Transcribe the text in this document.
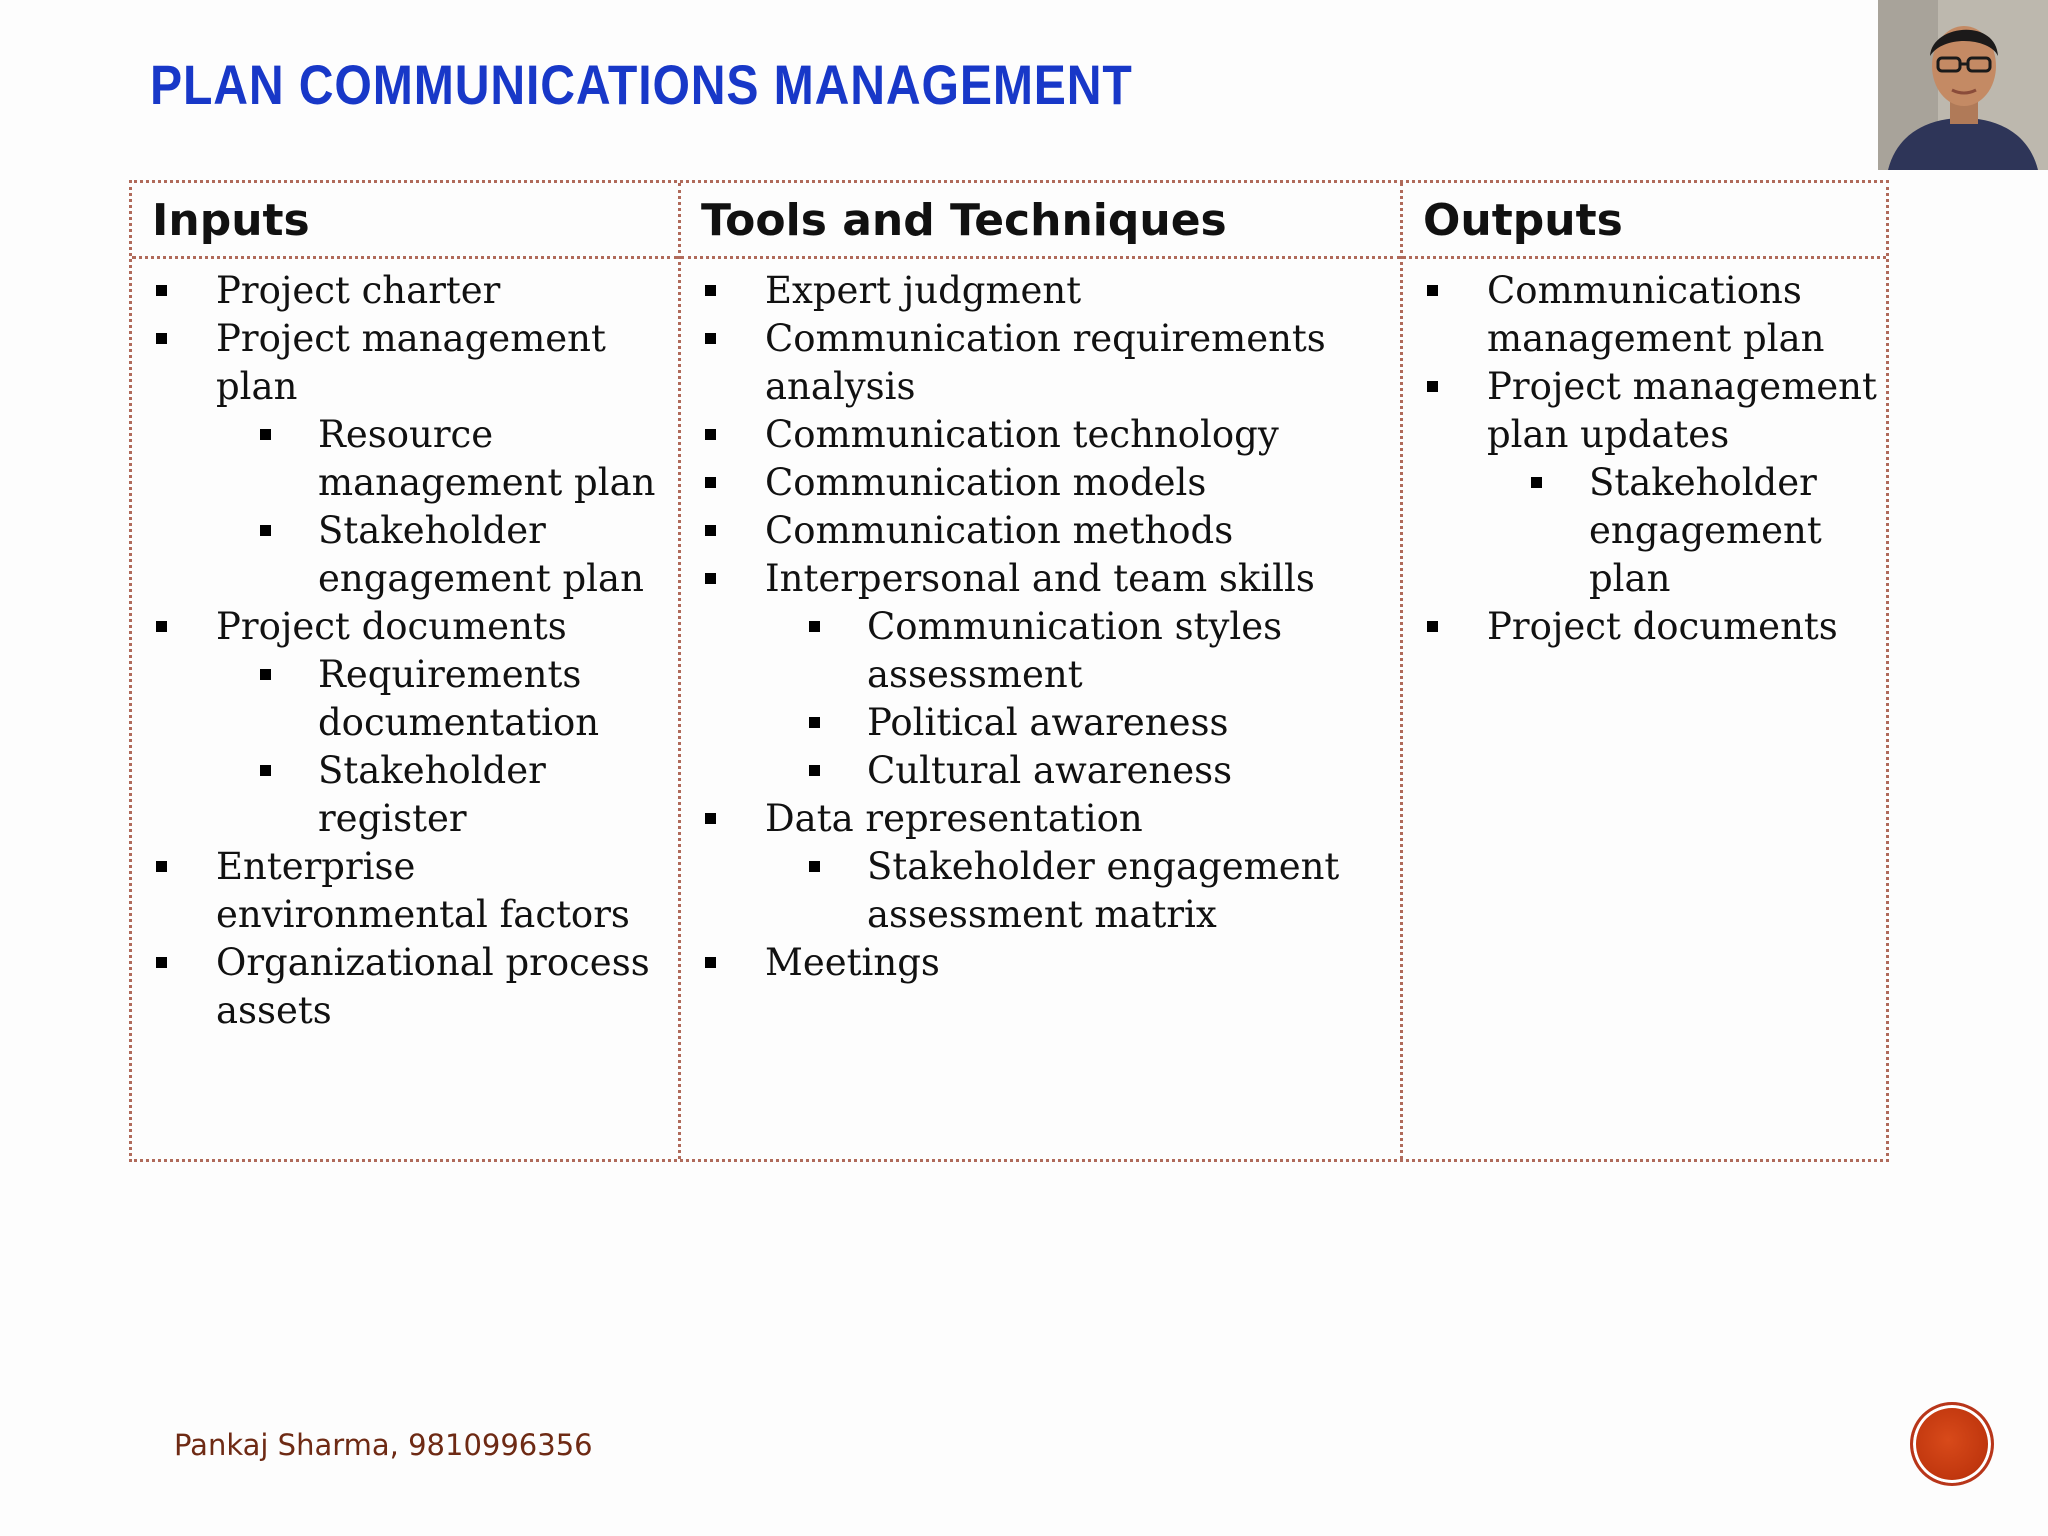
PLAN COMMUNICATIONS MANAGEMENT
Inputs
Project charter
Project management plan
Resource management plan
Stakeholder engagement plan
Project documents
Requirements documentation
Stakeholder register
Enterprise environmental factors
Organizational process assets
Tools and Techniques
Expert judgment
Communication requirements analysis
Communication technology
Communication models
Communication methods
Interpersonal and team skills
Communication styles assessment
Political awareness
Cultural awareness
Data representation
Stakeholder engagement assessment matrix
Meetings
Outputs
Communications management plan
Project management plan updates
Stakeholder engagement plan
Project documents
Pankaj Sharma, 9810996356
